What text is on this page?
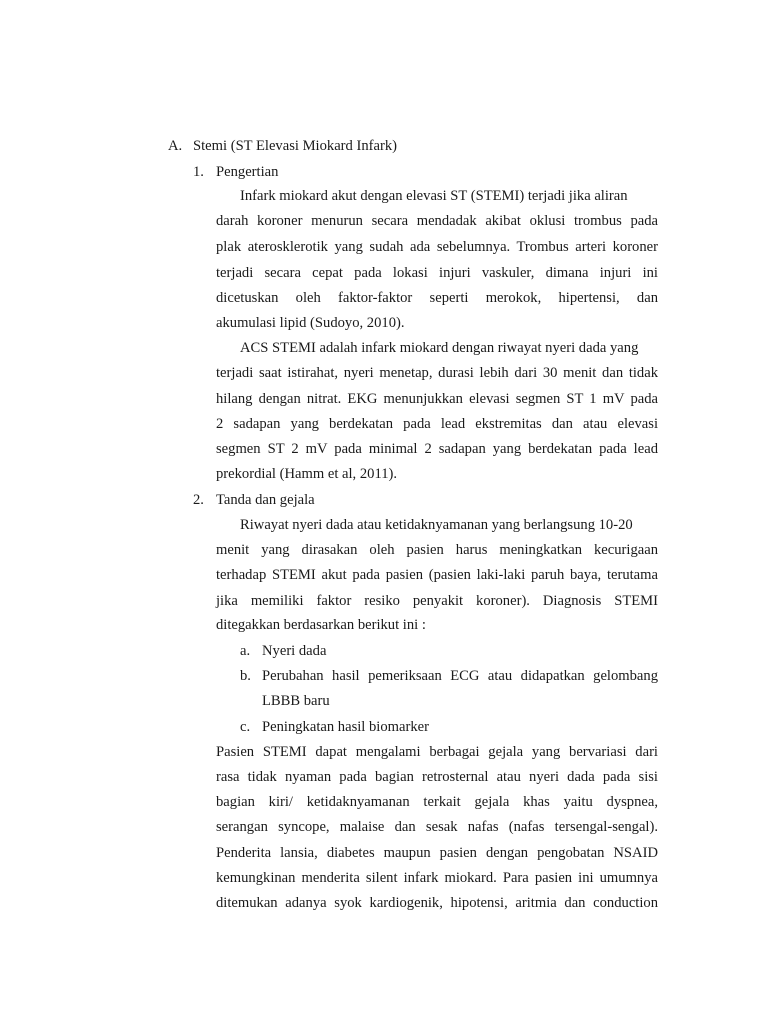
A. Stemi (ST Elevasi Miokard Infark)
1. Pengertian
Infark miokard akut dengan elevasi ST (STEMI) terjadi jika aliran
darah koroner menurun secara mendadak akibat oklusi trombus pada
plak aterosklerotik yang sudah ada sebelumnya. Trombus arteri koroner
terjadi secara cepat pada lokasi injuri vaskuler, dimana injuri ini
dicetuskan oleh faktor-faktor seperti merokok, hipertensi, dan
akumulasi lipid (Sudoyo, 2010).
ACS STEMI adalah infark miokard dengan riwayat nyeri dada yang
terjadi saat istirahat, nyeri menetap, durasi lebih dari 30 menit dan tidak
hilang dengan nitrat. EKG menunjukkan elevasi segmen ST 1 mV pada
2 sadapan yang berdekatan pada lead ekstremitas dan atau elevasi
segmen ST 2 mV pada minimal 2 sadapan yang berdekatan pada lead
prekordial (Hamm et al, 2011).
2. Tanda dan gejala
Riwayat nyeri dada atau ketidaknyamanan yang berlangsung 10-20
menit yang dirasakan oleh pasien harus meningkatkan kecurigaan
terhadap STEMI akut pada pasien (pasien laki-laki paruh baya, terutama
jika memiliki faktor resiko penyakit koroner). Diagnosis STEMI
ditegakkan berdasarkan berikut ini :
a. Nyeri dada
b. Perubahan hasil pemeriksaan ECG atau didapatkan gelombang
LBBB baru
c. Peningkatan hasil biomarker
Pasien STEMI dapat mengalami berbagai gejala yang bervariasi dari
rasa tidak nyaman pada bagian retrosternal atau nyeri dada pada sisi
bagian kiri/ ketidaknyamanan terkait gejala khas yaitu dyspnea,
serangan syncope, malaise dan sesak nafas (nafas tersengal-sengal).
Penderita lansia, diabetes maupun pasien dengan pengobatan NSAID
kemungkinan menderita silent infark miokard. Para pasien ini umumnya
ditemukan adanya syok kardiogenik, hipotensi, aritmia dan conduction
